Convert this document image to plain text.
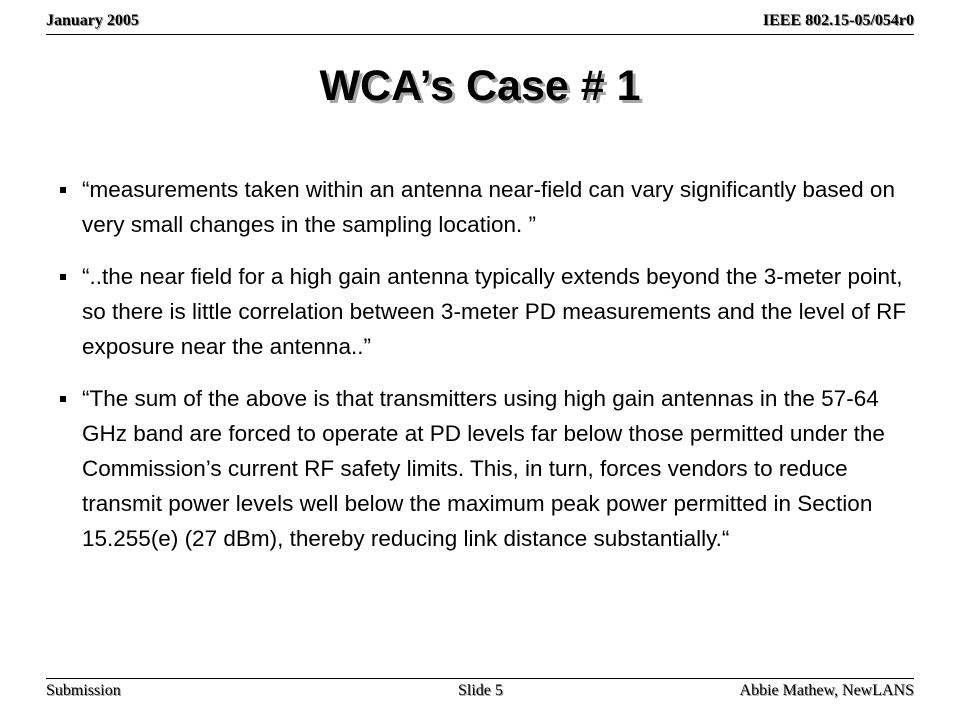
January 2005	IEEE 802.15-05/054r0
WCA’s Case # 1
“measurements taken within an antenna near-field can vary significantly based on very small changes in the sampling location. ”
“..the near field for a high gain antenna typically extends beyond the 3-meter point, so there is little correlation between 3-meter PD measurements and the level of RF exposure near the antenna..”
“The sum of the above is that transmitters using high gain antennas in the 57-64 GHz band are forced to operate at PD levels far below those permitted under the Commission’s current RF safety limits. This, in turn, forces vendors to reduce transmit power levels well below the maximum peak power permitted in Section 15.255(e) (27 dBm), thereby reducing link distance substantially.“
Submission	Slide 5	Abbie Mathew, NewLANS
